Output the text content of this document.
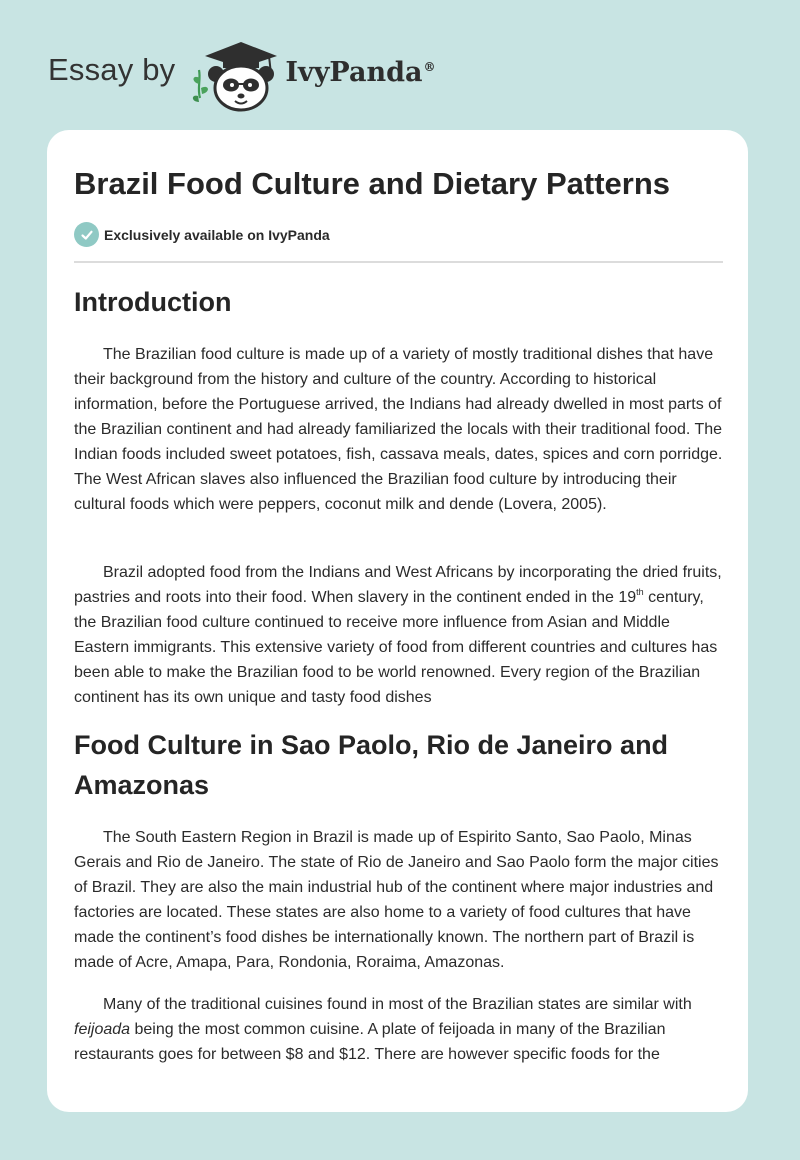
Essay by	IvyPanda®
Brazil Food Culture and Dietary Patterns
Exclusively available on IvyPanda
Introduction

The Brazilian food culture is made up of a variety of mostly traditional dishes that have their background from the history and culture of the country. According to historical information, before the Portuguese arrived, the Indians had already dwelled in most parts of the Brazilian continent and had already familiarized the locals with their traditional food. The Indian foods included sweet potatoes, fish, cassava meals, dates, spices and corn porridge. The West African slaves also influenced the Brazilian food culture by introducing their cultural foods which were peppers, coconut milk and dende (Lovera, 2005).

Brazil adopted food from the Indians and West Africans by incorporating the dried fruits, pastries and roots into their food. When slavery in the continent ended in the 19th century, the Brazilian food culture continued to receive more influence from Asian and Middle Eastern immigrants. This extensive variety of food from different countries and cultures has been able to make the Brazilian food to be world renowned. Every region of the Brazilian continent has its own unique and tasty food dishes

Food Culture in Sao Paolo, Rio de Janeiro and Amazonas

The South Eastern Region in Brazil is made up of Espirito Santo, Sao Paolo, Minas Gerais and Rio de Janeiro. The state of Rio de Janeiro and Sao Paolo form the major cities of Brazil. They are also the main industrial hub of the continent where major industries and factories are located. These states are also home to a variety of food cultures that have made the continent’s food dishes be internationally known. The northern part of Brazil is made of Acre, Amapa, Para, Rondonia, Roraima, Amazonas.

Many of the traditional cuisines found in most of the Brazilian states are similar with feijoada being the most common cuisine. A plate of feijoada in many of the Brazilian restaurants goes for between $8 and $12. There are however specific foods for the
